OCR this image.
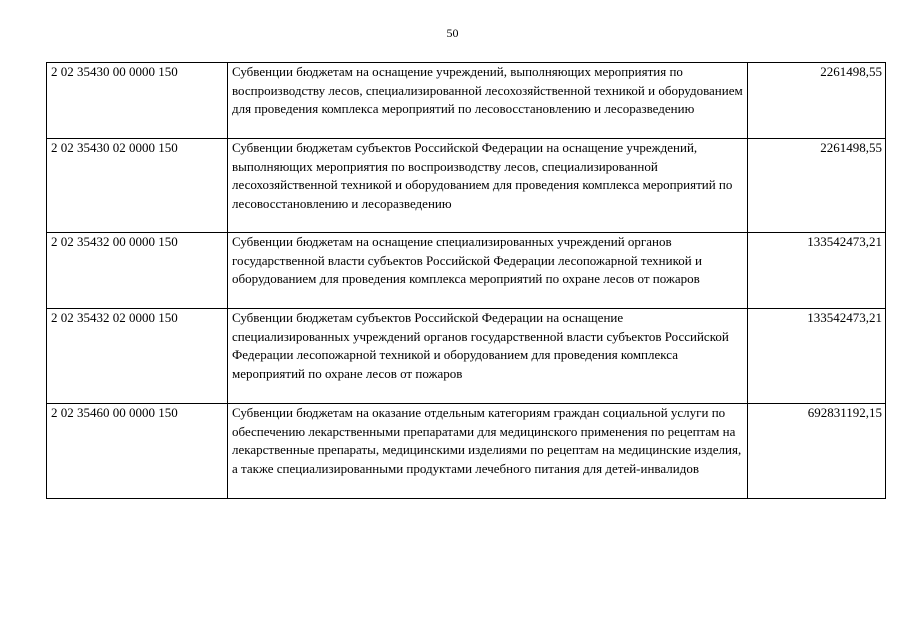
50
2 02 35430 00 0000 150	Субвенции бюджетам на оснащение учреждений, выполняющих мероприятия по воспроизводству лесов, специализированной лесохозяйственной техникой и оборудованием для проведения комплекса мероприятий по лесовосстановлению и лесоразведению	2261498,55
2 02 35430 02 0000 150	Субвенции бюджетам субъектов Российской Федерации на оснащение учреждений, выполняющих мероприятия по воспроизводству лесов, специализированной лесохозяйственной техникой и оборудованием для проведения комплекса мероприятий по лесовосстановлению и лесоразведению	2261498,55
2 02 35432 00 0000 150	Субвенции бюджетам на оснащение специализированных учреждений органов государственной власти субъектов Российской Федерации лесопожарной техникой и оборудованием для проведения комплекса мероприятий по охране лесов от пожаров	133542473,21
2 02 35432 02 0000 150	Субвенции бюджетам субъектов Российской Федерации на оснащение специализированных учреждений органов государственной власти субъектов Российской Федерации лесопожарной техникой и оборудованием для проведения комплекса мероприятий по охране лесов от пожаров	133542473,21
2 02 35460 00 0000 150	Субвенции бюджетам на оказание отдельным категориям граждан социальной услуги по обеспечению лекарственными препаратами для медицинского применения по рецептам на лекарственные препараты, медицинскими изделиями по рецептам на медицинские изделия, а также специализированными продуктами лечебного питания для детей-инвалидов	692831192,15
